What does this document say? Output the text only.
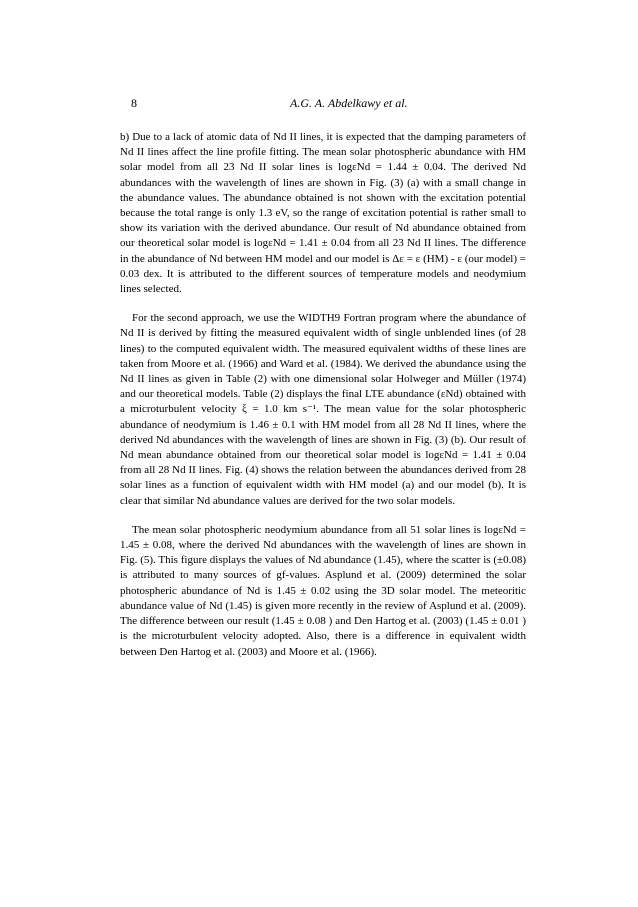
8	A.G. A. Abdelkawy et al.

b) Due to a lack of atomic data of Nd II lines, it is expected that the damping parameters of Nd II lines affect the line profile fitting. The mean solar photospheric abundance with HM solar model from all 23 Nd II solar lines is logεNd = 1.44 ± 0.04. The derived Nd abundances with the wavelength of lines are shown in Fig. (3) (a) with a small change in the abundance values. The abundance obtained is not shown with the excitation potential because the total range is only 1.3 eV, so the range of excitation potential is rather small to show its variation with the derived abundance. Our result of Nd abundance obtained from our theoretical solar model is logεNd = 1.41 ± 0.04 from all 23 Nd II lines. The difference in the abundance of Nd between HM model and our model is Δε = ε (HM) - ε (our model) = 0.03 dex. It is attributed to the different sources of temperature models and neodymium lines selected.

For the second approach, we use the WIDTH9 Fortran program where the abundance of Nd II is derived by fitting the measured equivalent width of single unblended lines (of 28 lines) to the computed equivalent width. The measured equivalent widths of these lines are taken from Moore et al. (1966) and Ward et al. (1984). We derived the abundance using the Nd II lines as given in Table (2) with one dimensional solar Holweger and Müller (1974) and our theoretical models. Table (2) displays the final LTE abundance (εNd) obtained with a microturbulent velocity ξ = 1.0 km s⁻¹. The mean value for the solar photospheric abundance of neodymium is 1.46 ± 0.1 with HM model from all 28 Nd II lines, where the derived Nd abundances with the wavelength of lines are shown in Fig. (3) (b). Our result of Nd mean abundance obtained from our theoretical solar model is logεNd = 1.41 ± 0.04 from all 28 Nd II lines. Fig. (4) shows the relation between the abundances derived from 28 solar lines as a function of equivalent width with HM model (a) and our model (b). It is clear that similar Nd abundance values are derived for the two solar models.

The mean solar photospheric neodymium abundance from all 51 solar lines is logεNd = 1.45 ± 0.08, where the derived Nd abundances with the wavelength of lines are shown in Fig. (5). This figure displays the values of Nd abundance (1.45), where the scatter is (±0.08) is attributed to many sources of gf-values. Asplund et al. (2009) determined the solar photospheric abundance of Nd is 1.45 ± 0.02 using the 3D solar model. The meteoritic abundance value of Nd (1.45) is given more recently in the review of Asplund et al. (2009). The difference between our result (1.45 ± 0.08 ) and Den Hartog et al. (2003) (1.45 ± 0.01 ) is the microturbulent velocity adopted. Also, there is a difference in equivalent width between Den Hartog et al. (2003) and Moore et al. (1966).
